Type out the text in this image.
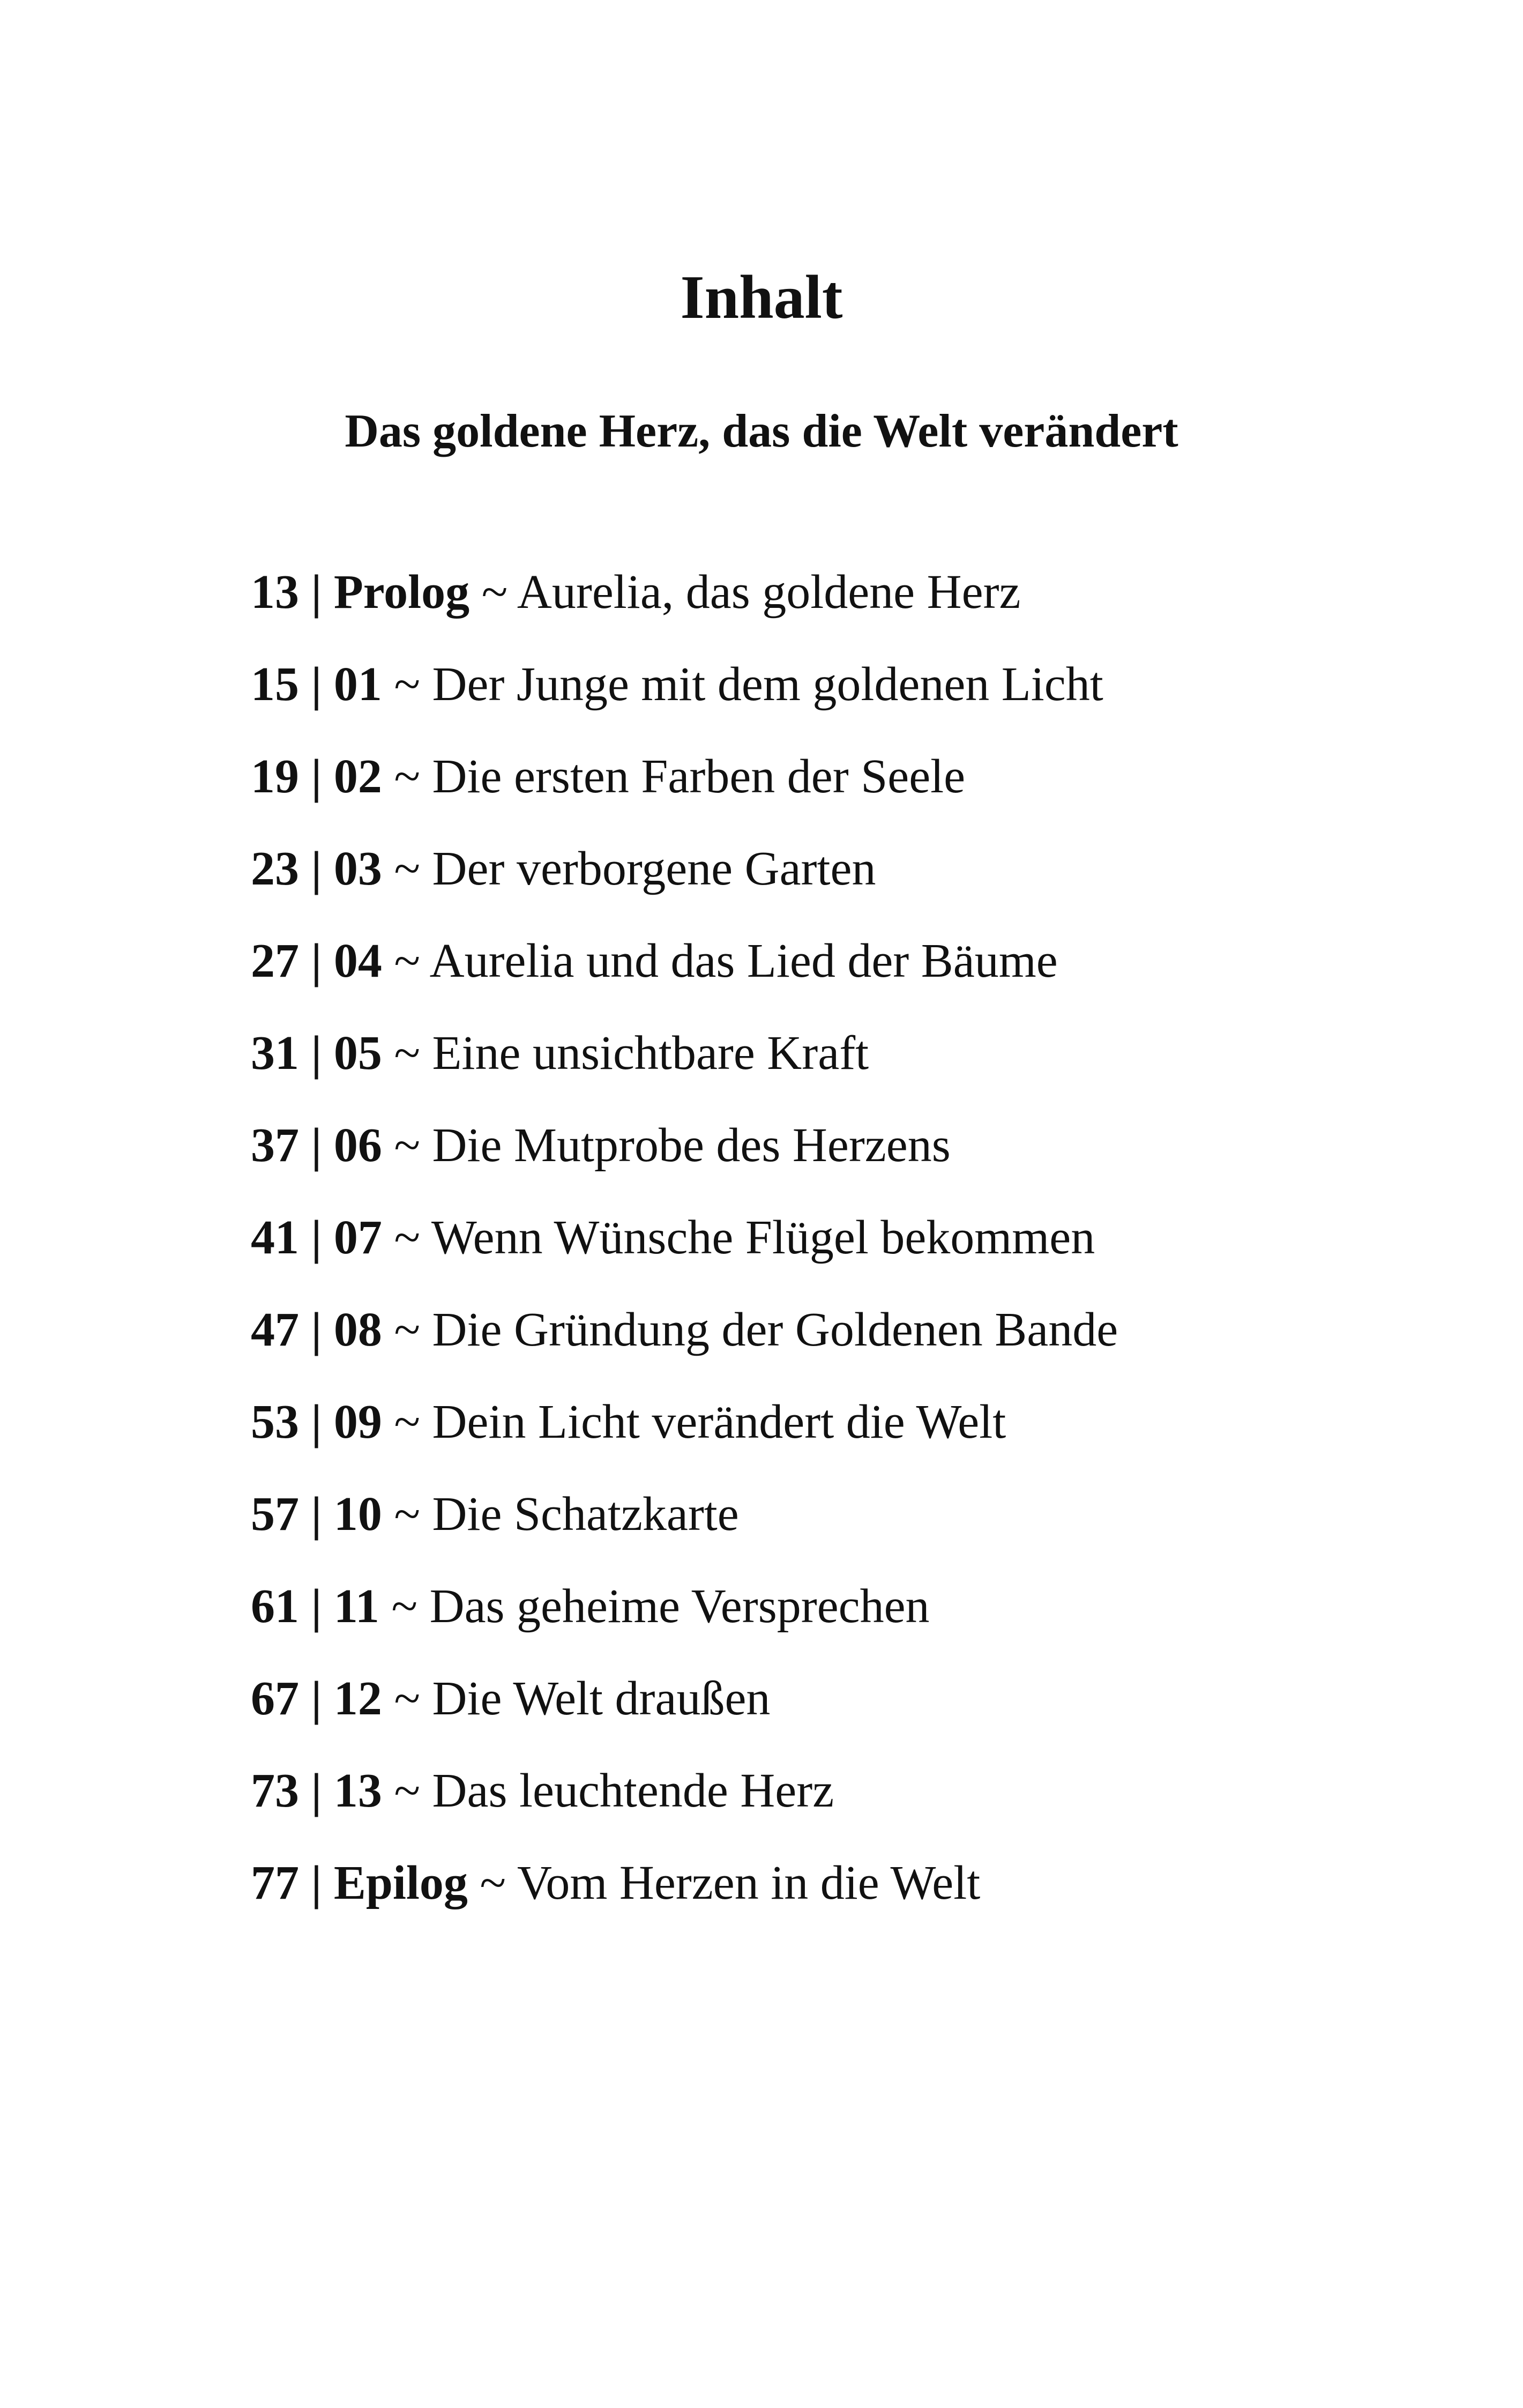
Inhalt
Das goldene Herz, das die Welt verändert
13 | Prolog ~ Aurelia, das goldene Herz
15 | 01 ~ Der Junge mit dem goldenen Licht
19 | 02 ~ Die ersten Farben der Seele
23 | 03 ~ Der verborgene Garten
27 | 04 ~ Aurelia und das Lied der Bäume
31 | 05 ~ Eine unsichtbare Kraft
37 | 06 ~ Die Mutprobe des Herzens
41 | 07 ~ Wenn Wünsche Flügel bekommen
47 | 08 ~ Die Gründung der Goldenen Bande
53 | 09 ~ Dein Licht verändert die Welt
57 | 10 ~ Die Schatzkarte
61 | 11 ~ Das geheime Versprechen
67 | 12 ~ Die Welt draußen
73 | 13 ~ Das leuchtende Herz
77 | Epilog ~ Vom Herzen in die Welt
